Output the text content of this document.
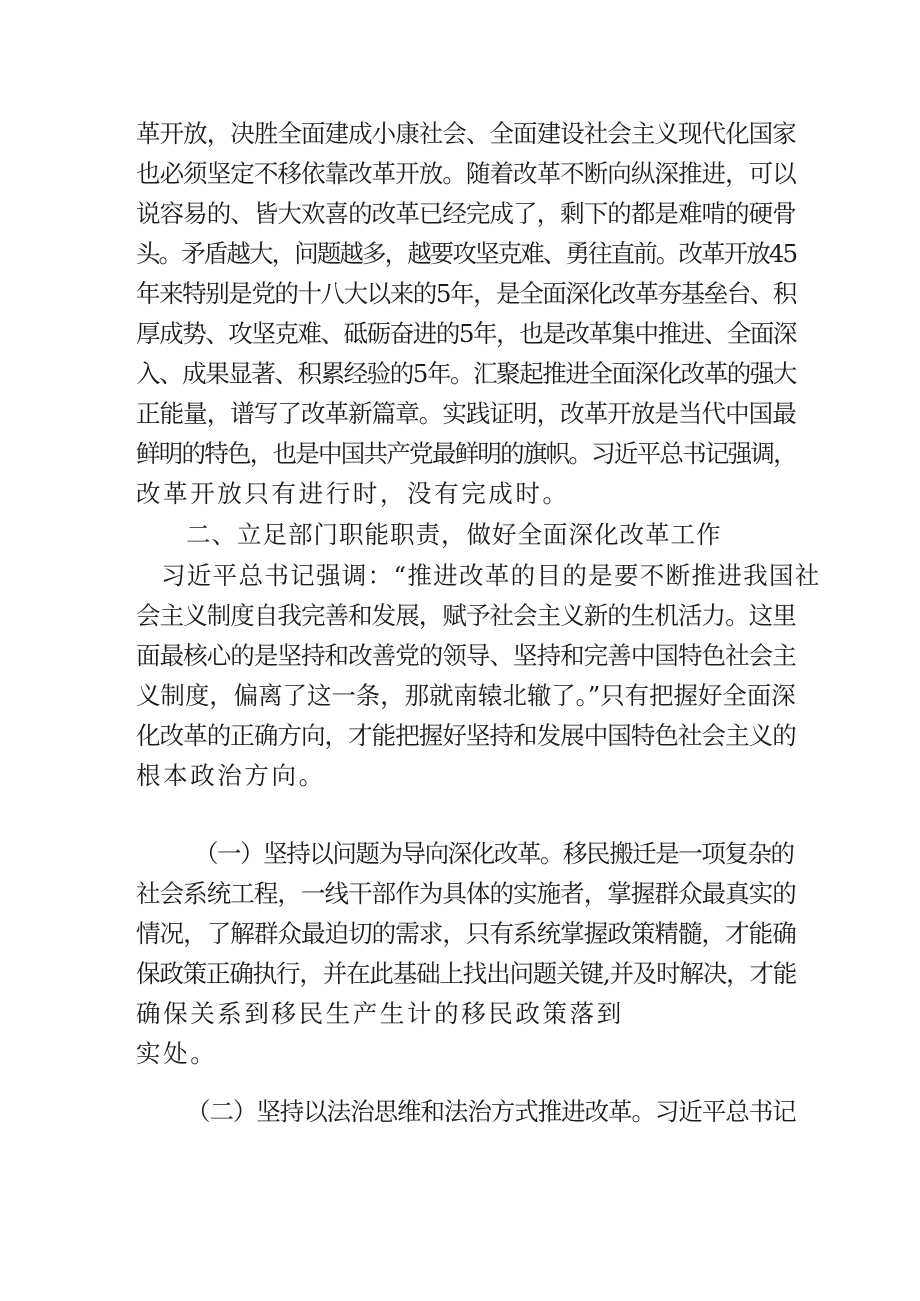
革开放，决胜全面建成小康社会、全面建设社会主义现代化国家
也必须坚定不移依靠改革开放。随着改革不断向纵深推进，可以
说容易的、皆大欢喜的改革已经完成了，剩下的都是难啃的硬骨
头。矛盾越大，问题越多，越要攻坚克难、勇往直前。改革开放45
年来特别是党的十八大以来的5年，是全面深化改革夯基垒台、积
厚成势、攻坚克难、砥砺奋进的5年，也是改革集中推进、全面深
入、成果显著、积累经验的5年。汇聚起推进全面深化改革的强大
正能量，谱写了改革新篇章。实践证明，改革开放是当代中国最
鲜明的特色，也是中国共产党最鲜明的旗帜。习近平总书记强调，
改革开放只有进行时，没有完成时。
二、立足部门职能职责，做好全面深化改革工作
习近平总书记强调：“推进改革的目的是要不断推进我国社
会主义制度自我完善和发展，赋予社会主义新的生机活力。这里
面最核心的是坚持和改善党的领导、坚持和完善中国特色社会主
义制度，偏离了这一条，那就南辕北辙了。”只有把握好全面深
化改革的正确方向，才能把握好坚持和发展中国特色社会主义的
根本政治方向。
（一）坚持以问题为导向深化改革。移民搬迁是一项复杂的
社会系统工程，一线干部作为具体的实施者，掌握群众最真实的
情况，了解群众最迫切的需求，只有系统掌握政策精髓，才能确
保政策正确执行，并在此基础上找出问题关键,并及时解决，才能
确保关系到移民生产生计的移民政策落到
实处。
（二）坚持以法治思维和法治方式推进改革。习近平总书记
